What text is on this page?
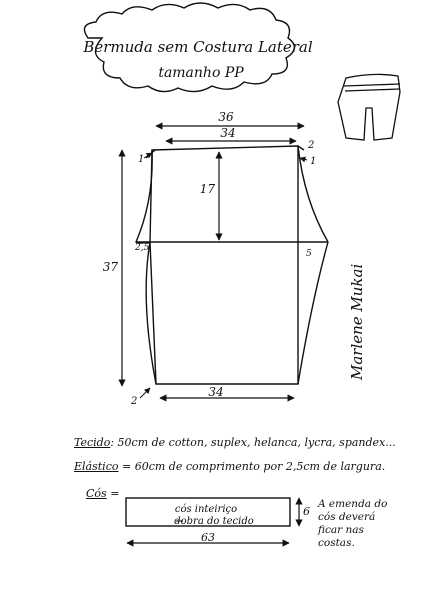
Bermuda sem Costura Lateral
tamanho PP
36
34
17
37
34
1
2
1
2,5
5
2
Marlene Mukai
cós inteiriço
dobra do tecido
6
63
Tecido: 50cm de cotton, suplex, helanca, lycra, spandex...
Elástico = 60cm de comprimento por 2,5cm de largura.
Cós =
A emenda do
cós deverá
ficar nas
costas.
